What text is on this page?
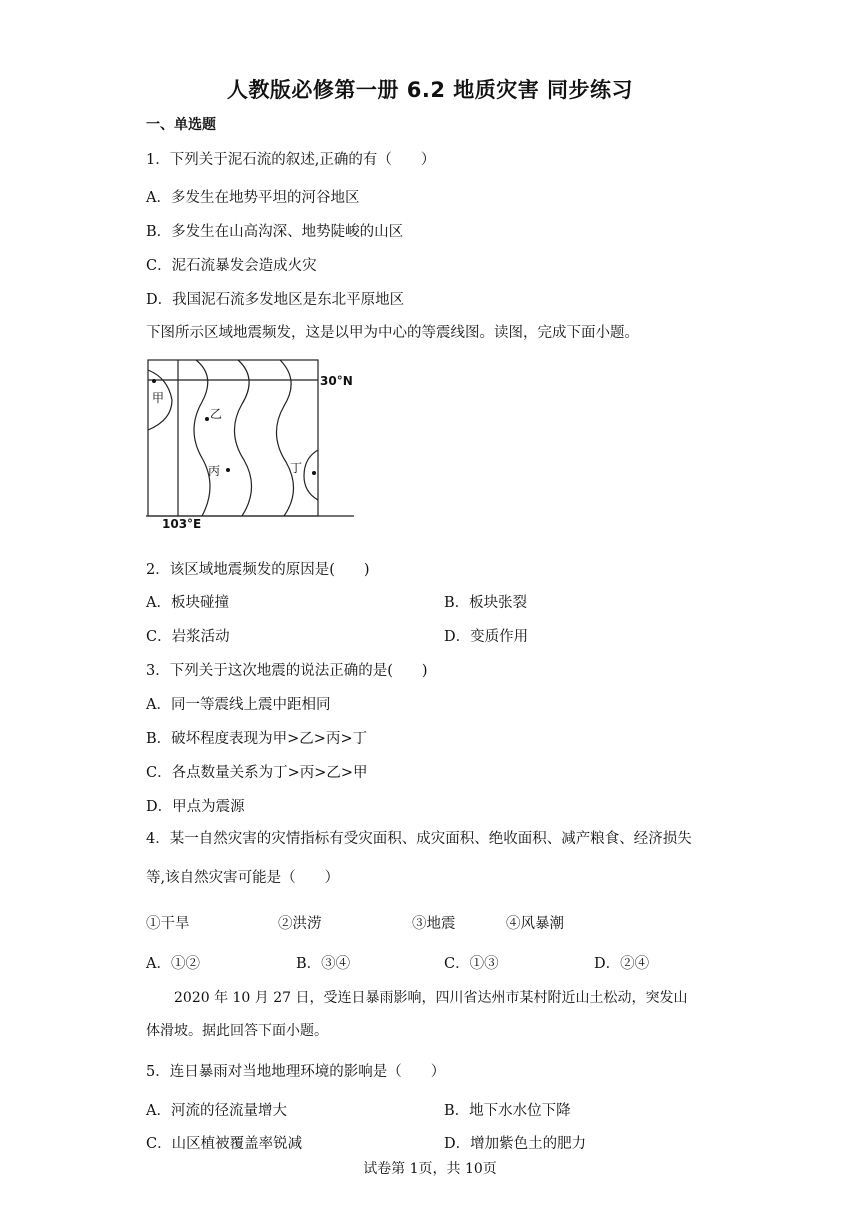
人教版必修第一册 6.2 地质灾害 同步练习
一、单选题
1．下列关于泥石流的叙述,正确的有（　　）
A．多发生在地势平坦的河谷地区
B．多发生在山高沟深、地势陡峻的山区
C．泥石流暴发会造成火灾
D．我国泥石流多发地区是东北平原地区
下图所示区域地震频发，这是以甲为中心的等震线图。读图，完成下面小题。
甲
乙
丙	丁
30°N
103°E
2．该区域地震频发的原因是(　　)
A．板块碰撞	B．板块张裂
C．岩浆活动	D．变质作用
3．下列关于这次地震的说法正确的是(　　)
A．同一等震线上震中距相同
B．破坏程度表现为甲>乙>丙>丁
C．各点数量关系为丁>丙>乙>甲
D．甲点为震源
4．某一自然灾害的灾情指标有受灾面积、成灾面积、绝收面积、减产粮食、经济损失
等,该自然灾害可能是（　　）
①干旱	②洪涝	③地震	④风暴潮
A．①②	B．③④	C．①③	D．②④
2020 年 10 月 27 日，受连日暴雨影响，四川省达州市某村附近山土松动，突发山
体滑坡。据此回答下面小题。
5．连日暴雨对当地地理环境的影响是（　　）
A．河流的径流量增大	B．地下水水位下降
C．山区植被覆盖率锐减	D．增加紫色土的肥力
试卷第 1页，共 10页
